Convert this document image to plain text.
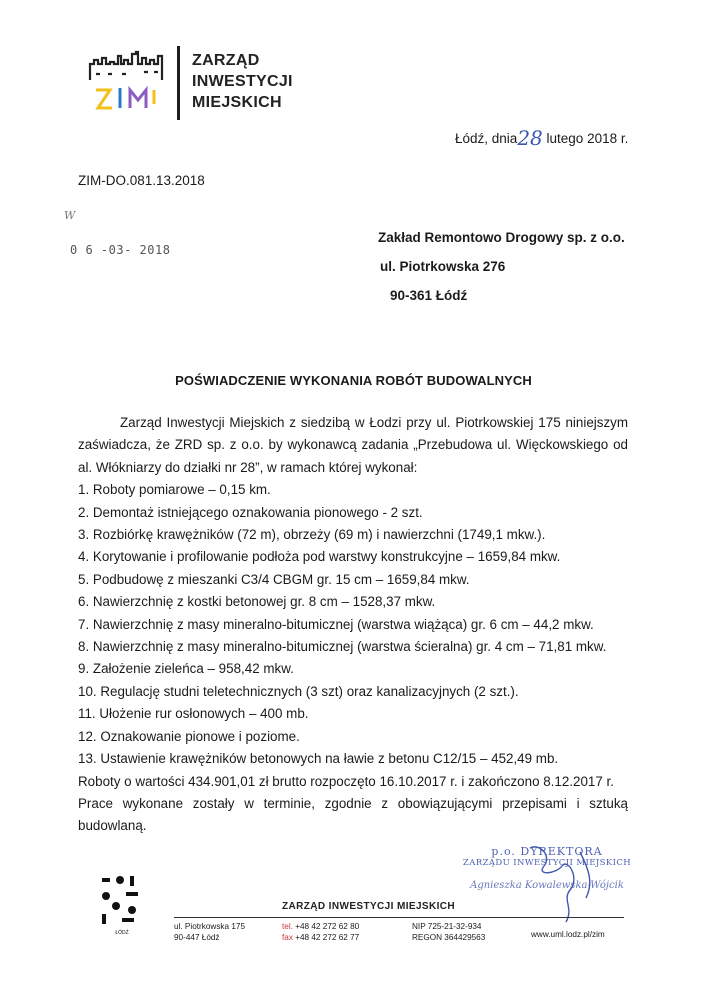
ZARZĄD
INWESTYCJI
MIEJSKICH
Łódź, dnia28 lutego 2018 r.
ZIM-DO.081.13.2018
W
0 6 -03- 2018
Zakład Remontowo Drogowy sp. z o.o.
ul. Piotrkowska 276
90-361 Łódź
POŚWIADCZENIE WYKONANIA ROBÓT BUDOWALNYCH
Zarząd Inwestycji Miejskich z siedzibą w Łodzi przy ul. Piotrkowskiej 175 niniejszym zaświadcza, że ZRD sp. z o.o. by wykonawcą zadania „Przebudowa ul. Więckowskiego od al. Włókniarzy do działki nr 28”, w ramach której wykonał:
1. Roboty pomiarowe – 0,15 km.
2. Demontaż istniejącego oznakowania pionowego - 2 szt.
3. Rozbiórkę krawężników (72 m), obrzeży (69 m) i nawierzchni (1749,1 mkw.).
4. Korytowanie i profilowanie podłoża pod warstwy konstrukcyjne – 1659,84 mkw.
5. Podbudowę z mieszanki C3/4 CBGM gr. 15 cm – 1659,84 mkw.
6. Nawierzchnię z kostki betonowej gr. 8 cm – 1528,37 mkw.
7. Nawierzchnię z masy mineralno-bitumicznej (warstwa wiążąca) gr. 6 cm – 44,2 mkw.
8. Nawierzchnię z masy mineralno-bitumicznej (warstwa ścieralna) gr. 4 cm – 71,81 mkw.
9. Założenie zieleńca – 958,42 mkw.
10. Regulację studni teletechnicznych (3 szt) oraz kanalizacyjnych (2 szt.).
11. Ułożenie rur osłonowych – 400 mb.
12. Oznakowanie pionowe i poziome.
13. Ustawienie krawężników betonowych na ławie z betonu C12/15 – 452,49 mb.
Roboty o wartości 434.901,01 zł brutto rozpoczęto 16.10.2017 r. i zakończono 8.12.2017 r.
Prace wykonane zostały w terminie, zgodnie z obowiązującymi przepisami i sztuką budowlaną.
p.o. DYREKTORA
ZARZĄDU INWESTYCJI MIEJSKICH
Agnieszka Kowalewska-Wójcik
ŁÓDŹ
ZARZĄD INWESTYCJI MIEJSKICH
ul. Piotrkowska 175
90-447 Łódź
tel. +48 42 272 62 80
fax +48 42 272 62 77
NIP 725-21-32-934
REGON 364429563	www.uml.lodz.pl/zim
